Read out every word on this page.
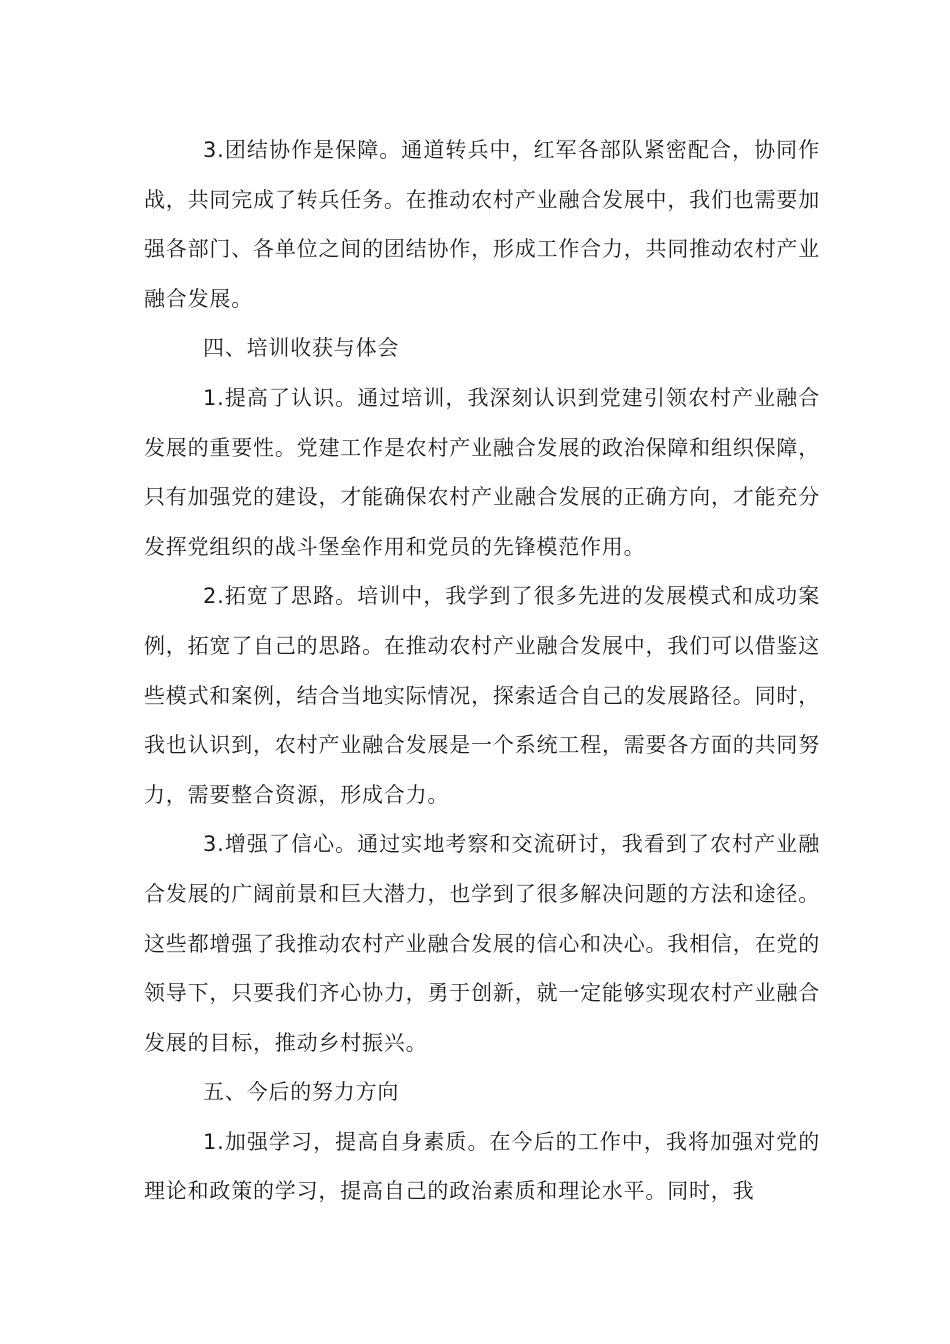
3.团结协作是保障。通道转兵中，红军各部队紧密配合，协同作战，共同完成了转兵任务。在推动农村产业融合发展中，我们也需要加强各部门、各单位之间的团结协作，形成工作合力，共同推动农村产业融合发展。

四、培训收获与体会

1.提高了认识。通过培训，我深刻认识到党建引领农村产业融合发展的重要性。党建工作是农村产业融合发展的政治保障和组织保障，只有加强党的建设，才能确保农村产业融合发展的正确方向，才能充分发挥党组织的战斗堡垒作用和党员的先锋模范作用。

2.拓宽了思路。培训中，我学到了很多先进的发展模式和成功案例，拓宽了自己的思路。在推动农村产业融合发展中，我们可以借鉴这些模式和案例，结合当地实际情况，探索适合自己的发展路径。同时，我也认识到，农村产业融合发展是一个系统工程，需要各方面的共同努力，需要整合资源，形成合力。

3.增强了信心。通过实地考察和交流研讨，我看到了农村产业融合发展的广阔前景和巨大潜力，也学到了很多解决问题的方法和途径。这些都增强了我推动农村产业融合发展的信心和决心。我相信，在党的领导下，只要我们齐心协力，勇于创新，就一定能够实现农村产业融合发展的目标，推动乡村振兴。

五、今后的努力方向

1.加强学习，提高自身素质。在今后的工作中，我将加强对党的理论和政策的学习，提高自己的政治素质和理论水平。同时，我
